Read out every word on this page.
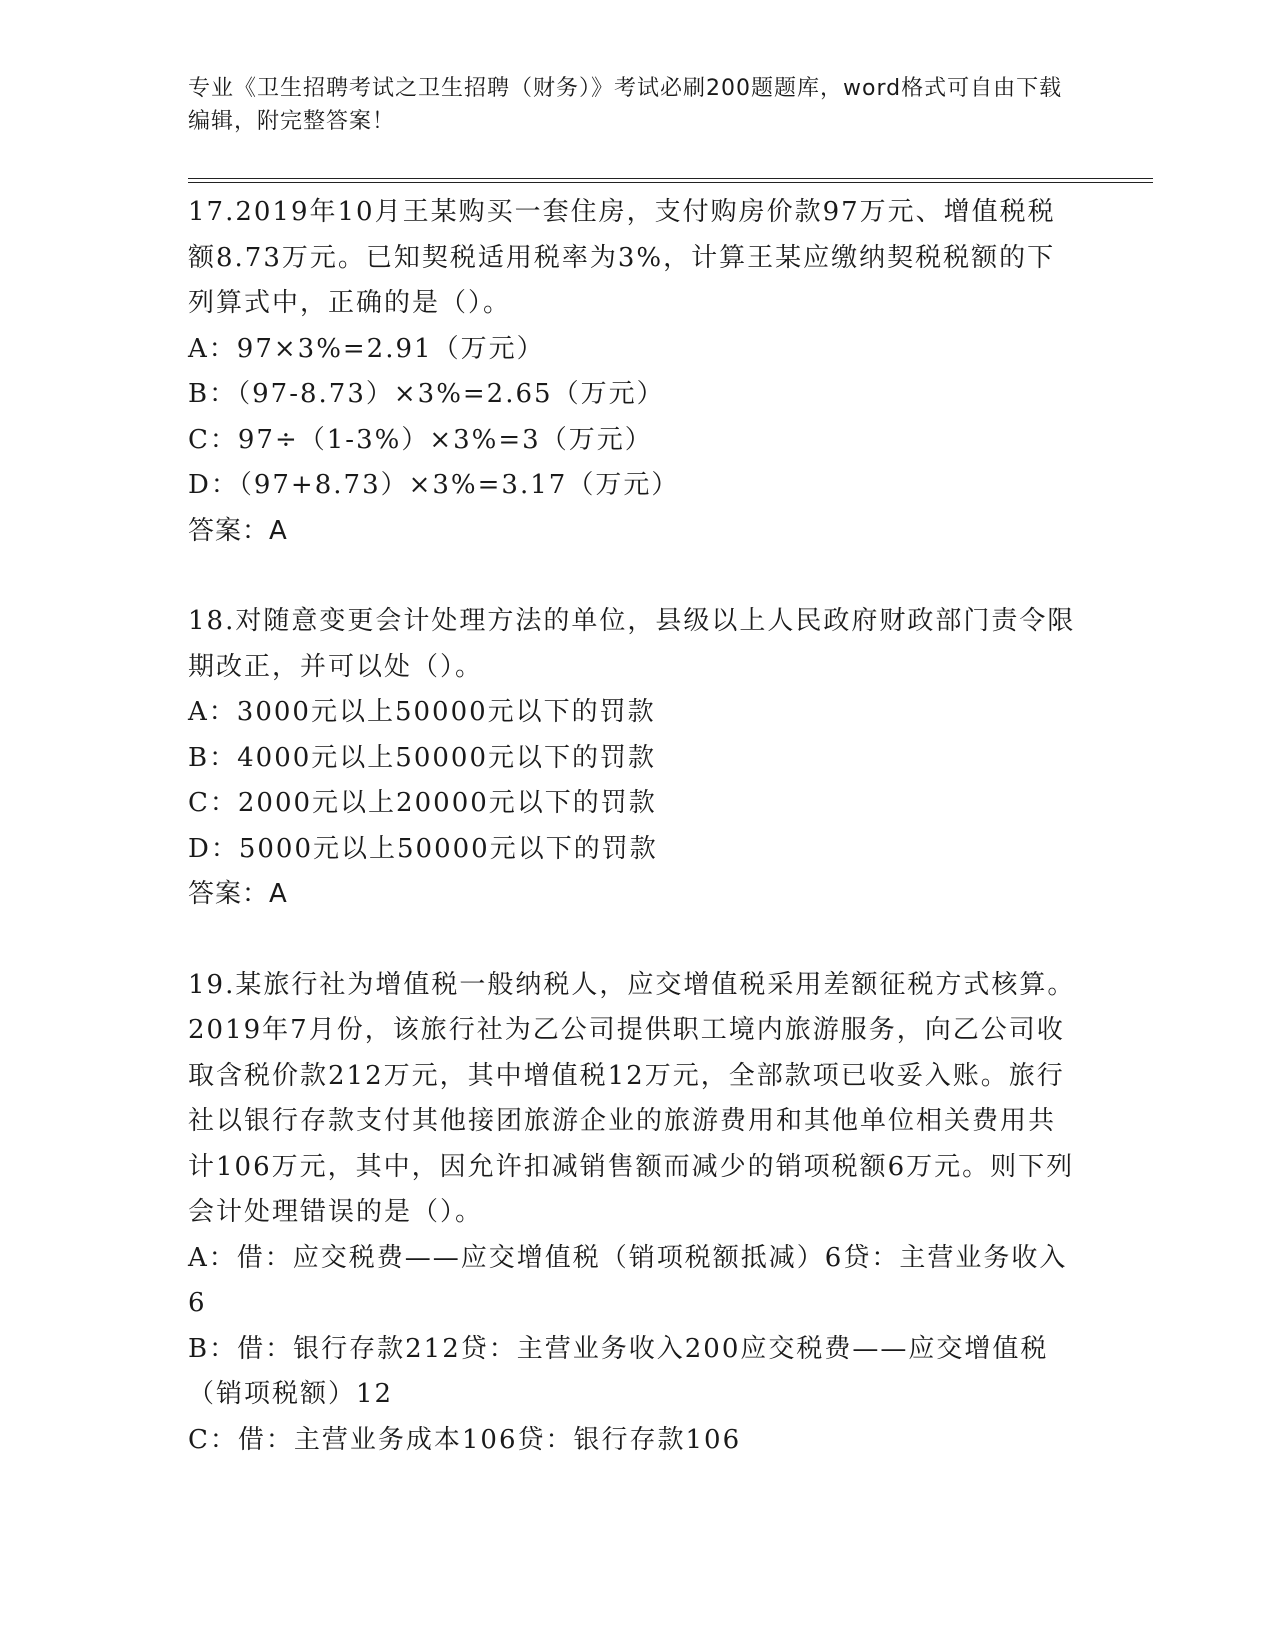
专业《卫生招聘考试之卫生招聘（财务）》考试必刷200题题库，word格式可自由下载编辑，附完整答案！

17.2019年10月王某购买一套住房，支付购房价款97万元、增值税税额8.73万元。已知契税适用税率为3%，计算王某应缴纳契税税额的下列算式中，正确的是（）。

A：97×3%=2.91（万元）

B：（97-8.73）×3%=2.65（万元）

C：97÷（1-3%）×3%=3（万元）

D：（97+8.73）×3%=3.17（万元）

答案：A

18.对随意变更会计处理方法的单位，县级以上人民政府财政部门责令限期改正，并可以处（）。

A：3000元以上50000元以下的罚款

B：4000元以上50000元以下的罚款

C：2000元以上20000元以下的罚款

D：5000元以上50000元以下的罚款

答案：A

19.某旅行社为增值税一般纳税人，应交增值税采用差额征税方式核算。2019年7月份，该旅行社为乙公司提供职工境内旅游服务，向乙公司收取含税价款212万元，其中增值税12万元，全部款项已收妥入账。旅行社以银行存款支付其他接团旅游企业的旅游费用和其他单位相关费用共计106万元，其中，因允许扣减销售额而减少的销项税额6万元。则下列会计处理错误的是（）。

A：借：应交税费——应交增值税（销项税额抵减）6贷：主营业务收入6

B：借：银行存款212贷：主营业务收入200应交税费——应交增值税（销项税额）12

C：借：主营业务成本106贷：银行存款106
